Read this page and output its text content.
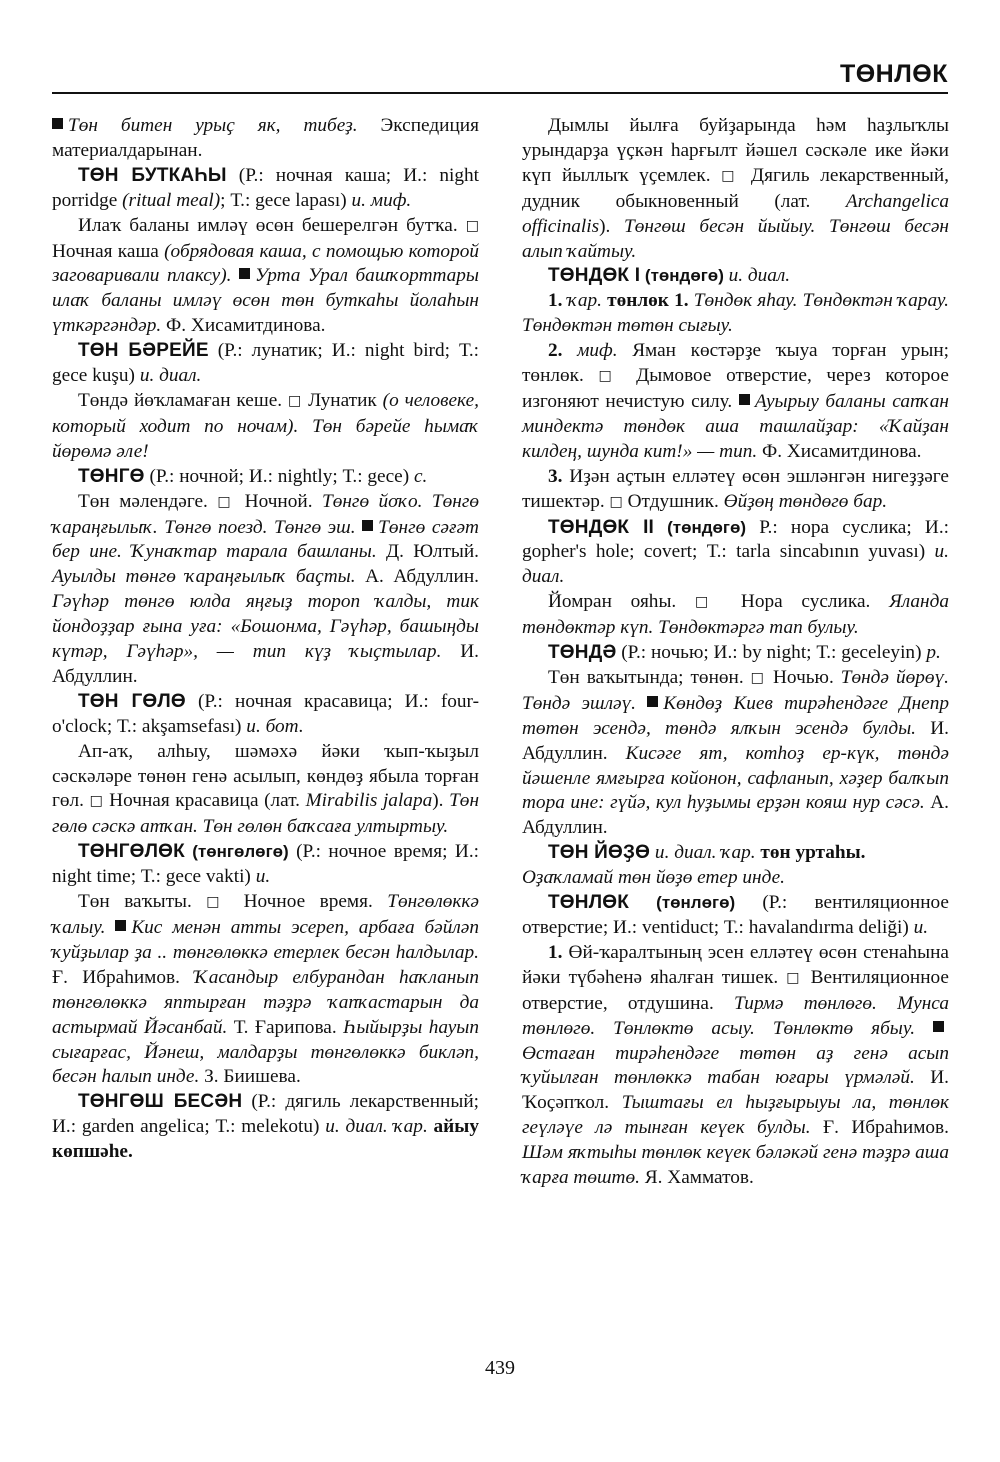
ТӨНЛӨК

Төн битен урыҫ як, тибеҙ. Экспедиция материалдарынан.

ТӨН БУТКАҺЫ (Р.: ночная каша; И.: night porridge (ritual meal); Т.: gece lapası) и. миф.

Илаҡ баланы имләү өсөн бешерелгән бутҡа. □ Ночная каша (обрядовая каша, с помощью которой заговаривали плаксу). Урта Урал башҡорттары илаҡ баланы имләү өсөн төн буткаһы йолаһын үткәргәндәр. Ф. Хисамитдинова.

ТӨН БӘРЕЙЕ (Р.: лунатик; И.: night bird; Т.: gece kuşu) и. диал.

Төндә йөҡламаған кеше. □ Лунатик (о человеке, который ходит по ночам). Төн бәрейе һымаҡ йөрөмә әле!

ТӨНГӨ (Р.: ночной; И.: nightly; Т.: gece) с.

Төн мәлендәге. □ Ночной. Төнгө йоҡо. Төнгө ҡараңғылыҡ. Төнгө поезд. Төнгө эш. Төнгө сәғәт бер ине. Ҡунаҡтар тарала башланы. Д. Юлтый. Ауылды төнгө ҡараңғылыҡ баҫты. А. Абдуллин. Гәүһәр төнгө юлда яңғыҙ тороп ҡалды, тик йондоҙҙар ғына уға: «Бошонма, Гәүһәр, башыңды күтәр, Гәүһәр», — тип күҙ ҡыҫтылар. И. Абдуллин.

ТӨН ГӨЛӨ (Р.: ночная красавица; И.: four-o'clock; Т.: akşamsefası) и. бот.

Ап-аҡ, алһыу, шәмәхә йәки ҡып-ҡыҙыл сәскәләре төнөн генә асылып, көндөҙ ябыла торған гөл. □ Ночная красавица (лат. Mirabilis jalapa). Төн гөлө сәскә атҡан. Төн гөлөн баҡсаға ултыртыу.

ТӨНГӨЛӨК (төнгөлөгө) (Р.: ночное время; И.: night time; Т.: gece vakti) и.

Төн ваҡыты. □ Ночное время. Төнгөлөккә ҡалыу. Кис менән атты эсереп, арбаға бәйләп ҡуйҙылар ҙа .. төнгөлөккә етерлек бесән һалдылар. Ғ. Ибраһимов. Ҡасандыр елбурандан һаҡланып төнгөлөккә яптырған тәҙрә ҡапҡастарын да астырмай Йәсанбай. Т. Ғарипова. Һыйырҙы һауып сығарғас, Йәнеш, малдарҙы төнгөлөккә бикләп, бесән һалып инде. З. Биишева.

ТӨНГӨШ БЕСӘН (Р.: дягиль лекарственный; И.: garden angelica; Т.: melekotu) и. диал. ҡар. айыу көпшәһе.

Дымлы йылға буйҙарында һәм һаҙлыҡлы урындарҙа үҫкән һарғылт йәшел сәскәле ике йәки күп йыллыҡ үҫемлек. □ Дягиль лекарственный, дудник обыкновенный (лат. Archangelica officinalis). Төнгөш бесән йыйыу. Төнгөш бесән алып ҡайтыу.

ТӨНДӨК I (төндөгө) и. диал.

1. ҡар. төнлөк 1. Төндөк яһау. Төндөктән ҡарау. Төндөктән төтөн сығыу.

2. миф. Яман көстәрҙе ҡыуа торған урын; төнлөк. □ Дымовое отверстие, через которое изгоняют нечистую силу. Ауырыу баланы сапҡан миндектә төндөк аша ташлайҙар: «Ҡайҙан килдең, шунда кит!» — тип. Ф. Хисамитдинова.

3. Иҙән аҫтын елләтеү өсөн эшләнгән нигеҙҙәге тишектәр. □ Отдушник. Өйҙөң төндөгө бар.

ТӨНДӨК II (төндөгө) Р.: нора суслика; И.: gopher's hole; covert; Т.: tarla sincabının yuvası) и. диал.

Йомран ояһы. □ Нора суслика. Яланда төндөктәр күп. Төндөктәргә тап булыу.

ТӨНДӘ (Р.: ночью; И.: by night; Т.: geceleyin) р.

Төн ваҡытында; төнөн. □ Ночью. Төндә йөрөү. Төндә эшләү. Көндөҙ Киев тирәһендәге Днепр төтөн эсендә, төндә ялҡын эсендә булды. И. Абдуллин. Кисәге ят, котһоҙ ер-күк, төндә йәшенле ямғырға койонон, сафланып, хәҙер балҡып тора ине: гүйә, кул һуҙымы ерҙән кояш нур сәсә. А. Абдуллин.

ТӨН ЙӨҘӨ и. диал. ҡар. төн уртаһы.

Оҙаҡламай төн йөҙө етер инде.

ТӨНЛӨК (төнлөгө) (Р.: вентиляционное отверстие; И.: ventiduct; Т.: havalandırma deliği) и.

1. Өй-ҡаралтының эсен елләтеү өсөн стенаһына йәки түбәһенә яһалған тишек. □ Вентиляционное отверстие, отдушина. Тирмә төнлөгө. Мунса төнлөгө. Төнлөктө асыу. Төнлөктө ябыу. Өстаған тирәһендәге төтөн аҙ генә асып ҡуйылған төнлөккә табан юғары үрмәләй. И. Ҡоҫәпҡол. Тыштағы ел һыҙғырыуы ла, төнлөк геүләүе лә тынған кеүек булды. Ғ. Ибраһимов. Шәм яҡтыһы төнлөк кеүек бәләкәй генә тәҙрә аша ҡарға төштө. Я. Хамматов.

439
